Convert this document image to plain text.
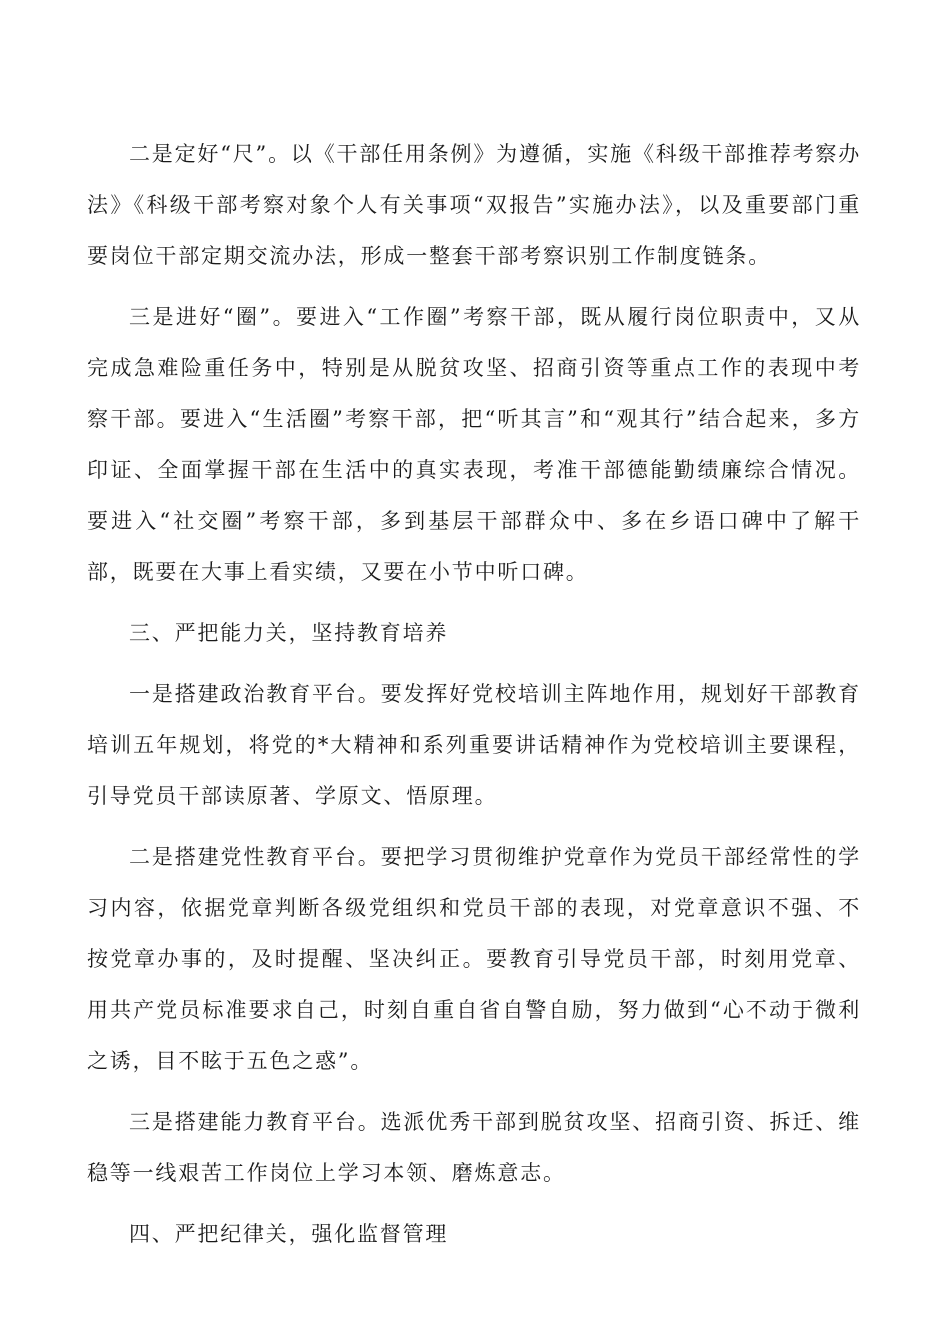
二是定好“尺”。以《干部任用条例》为遵循，实施《科级干部推荐考察办法》《科级干部考察对象个人有关事项“双报告”实施办法》，以及重要部门重要岗位干部定期交流办法，形成一整套干部考察识别工作制度链条。

三是进好“圈”。要进入“工作圈”考察干部，既从履行岗位职责中，又从完成急难险重任务中，特别是从脱贫攻坚、招商引资等重点工作的表现中考察干部。要进入“生活圈”考察干部，把“听其言”和“观其行”结合起来，多方印证、全面掌握干部在生活中的真实表现，考准干部德能勤绩廉综合情况。要进入“社交圈”考察干部，多到基层干部群众中、多在乡语口碑中了解干部，既要在大事上看实绩，又要在小节中听口碑。

三、严把能力关，坚持教育培养

一是搭建政治教育平台。要发挥好党校培训主阵地作用，规划好干部教育培训五年规划，将党的*大精神和系列重要讲话精神作为党校培训主要课程，引导党员干部读原著、学原文、悟原理。

二是搭建党性教育平台。要把学习贯彻维护党章作为党员干部经常性的学习内容，依据党章判断各级党组织和党员干部的表现，对党章意识不强、不按党章办事的，及时提醒、坚决纠正。要教育引导党员干部，时刻用党章、用共产党员标准要求自己，时刻自重自省自警自励，努力做到“心不动于微利之诱，目不眩于五色之惑”。

三是搭建能力教育平台。选派优秀干部到脱贫攻坚、招商引资、拆迁、维稳等一线艰苦工作岗位上学习本领、磨炼意志。

四、严把纪律关，强化监督管理
